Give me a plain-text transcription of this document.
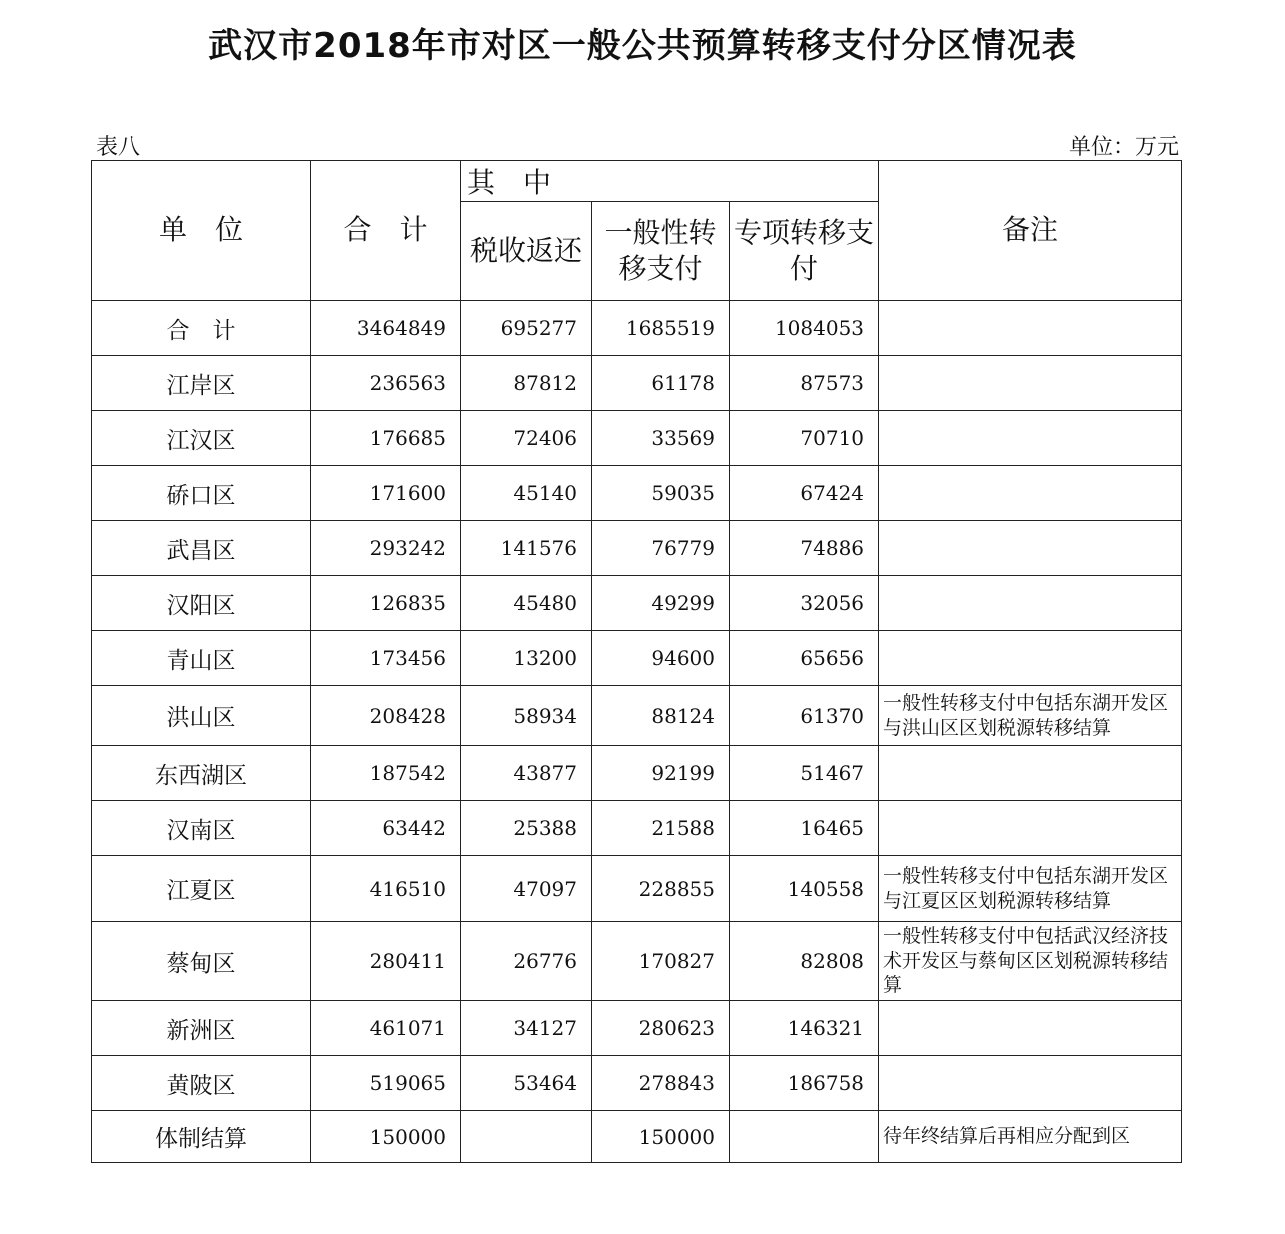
武汉市2018年市对区一般公共预算转移支付分区情况表
表八	单位：万元
单　位	合　计	其　中			备注
		税收返还	一般性转移支付	专项转移支付	
合　计	3464849	695277	1685519	1084053	
江岸区	236563	87812	61178	87573	
江汉区	176685	72406	33569	70710	
硚口区	171600	45140	59035	67424	
武昌区	293242	141576	76779	74886	
汉阳区	126835	45480	49299	32056	
青山区	173456	13200	94600	65656	
洪山区	208428	58934	88124	61370	一般性转移支付中包括东湖开发区与洪山区区划税源转移结算
东西湖区	187542	43877	92199	51467	
汉南区	63442	25388	21588	16465	
江夏区	416510	47097	228855	140558	一般性转移支付中包括东湖开发区与江夏区区划税源转移结算
蔡甸区	280411	26776	170827	82808	一般性转移支付中包括武汉经济技术开发区与蔡甸区区划税源转移结算
新洲区	461071	34127	280623	146321	
黄陂区	519065	53464	278843	186758	
体制结算	150000		150000		待年终结算后再相应分配到区
